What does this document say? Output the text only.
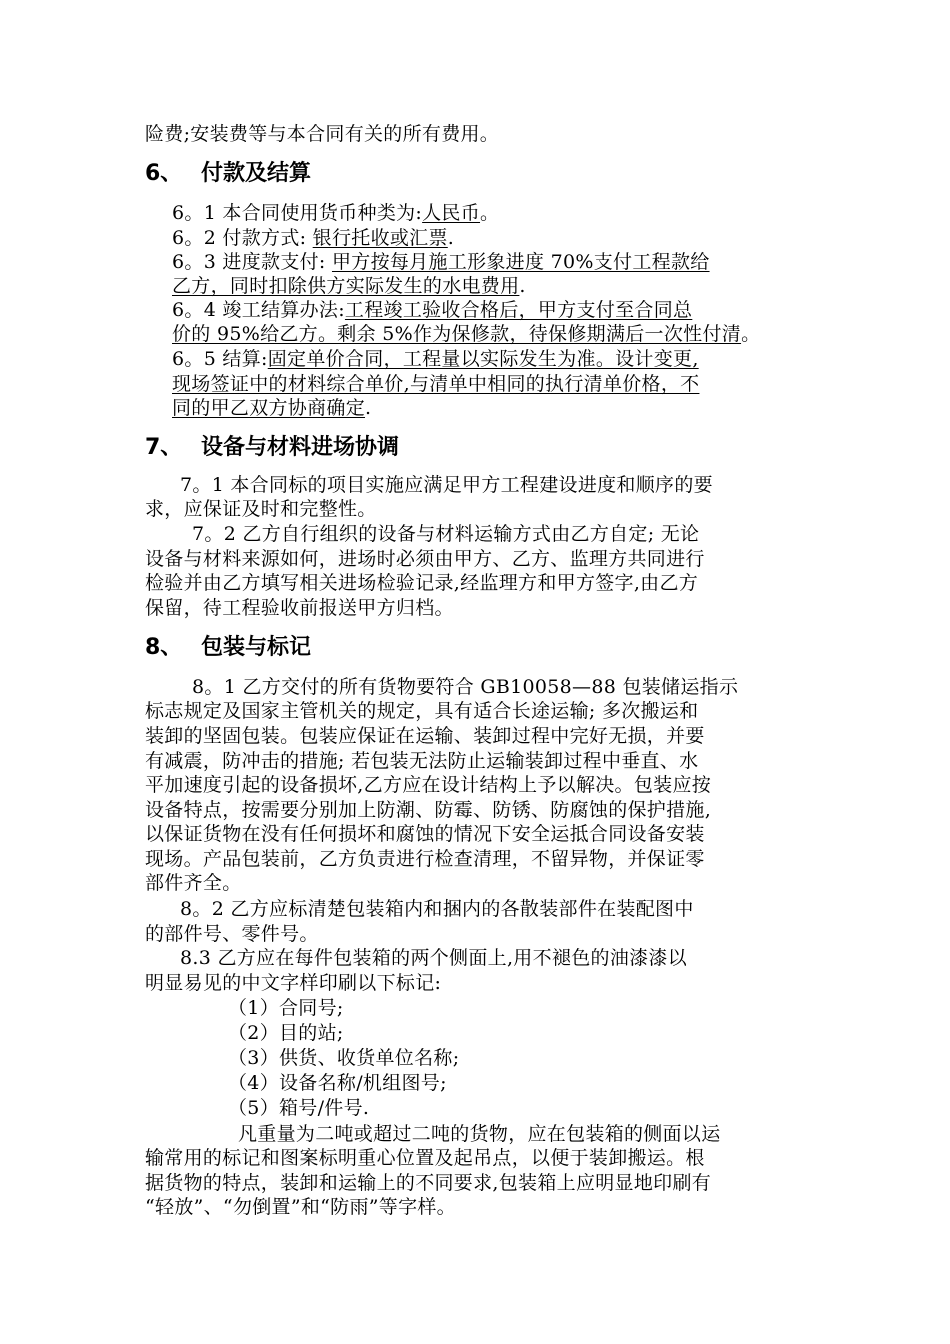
险费;安装费等与本合同有关的所有费用。
6、 付款及结算
6。1 本合同使用货币种类为:人民币。
6。2 付款方式: 银行托收或汇票.
6。3 进度款支付: 甲方按每月施工形象进度 70%支付工程款给
乙方，同时扣除供方实际发生的水电费用.
6。4 竣工结算办法:工程竣工验收合格后，甲方支付至合同总
价的 95%给乙方。剩余 5%作为保修款，待保修期满后一次性付清。
6。5 结算:固定单价合同，工程量以实际发生为准。设计变更,
现场签证中的材料综合单价,与清单中相同的执行清单价格，不
同的甲乙双方协商确定.
7、 设备与材料进场协调
7。1 本合同标的项目实施应满足甲方工程建设进度和顺序的要
求，应保证及时和完整性。
7。2 乙方自行组织的设备与材料运输方式由乙方自定; 无论
设备与材料来源如何，进场时必须由甲方、乙方、监理方共同进行
检验并由乙方填写相关进场检验记录,经监理方和甲方签字,由乙方
保留，待工程验收前报送甲方归档。
8、 包装与标记
8。1 乙方交付的所有货物要符合 GB10058—88 包装储运指示
标志规定及国家主管机关的规定，具有适合长途运输; 多次搬运和
装卸的坚固包装。包装应保证在运输、装卸过程中完好无损，并要
有减震，防冲击的措施; 若包装无法防止运输装卸过程中垂直、水
平加速度引起的设备损坏,乙方应在设计结构上予以解决。包装应按
设备特点，按需要分别加上防潮、防霉、防锈、防腐蚀的保护措施,
以保证货物在没有任何损坏和腐蚀的情况下安全运抵合同设备安装
现场。产品包装前，乙方负责进行检查清理，不留异物，并保证零
部件齐全。
8。2 乙方应标清楚包装箱内和捆内的各散装部件在装配图中
的部件号、零件号。
8.3 乙方应在每件包装箱的两个侧面上,用不褪色的油漆漆以
明显易见的中文字样印刷以下标记:
（1）合同号;
（2）目的站;
（3）供货、收货单位名称;
（4）设备名称/机组图号;
（5）箱号/件号.
凡重量为二吨或超过二吨的货物，应在包装箱的侧面以运
输常用的标记和图案标明重心位置及起吊点，以便于装卸搬运。根
据货物的特点，装卸和运输上的不同要求,包装箱上应明显地印刷有
“轻放”、“勿倒置”和“防雨”等字样。
